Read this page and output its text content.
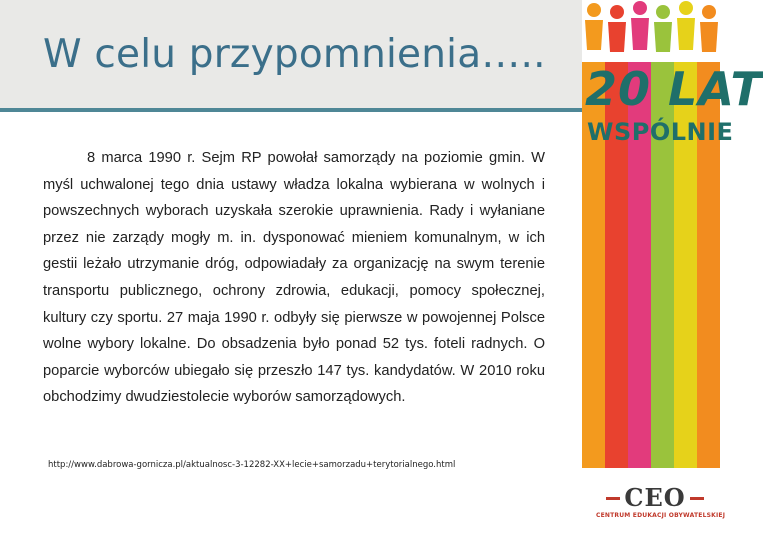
W celu przypomnienia…..
20 LAT
WSPÓLNIE

8 marca 1990 r. Sejm RP powołał samorządy na poziomie gmin. W myśl uchwalonej tego dnia ustawy władza lokalna wybierana w wolnych i powszechnych wyborach uzyskała szerokie uprawnienia. Rady i wyłaniane przez nie zarządy mogły m. in. dysponować mieniem komunalnym, w ich gestii leżało utrzymanie dróg, odpowiadały za organizację na swym terenie transportu publicznego, ochrony zdrowia, edukacji, pomocy społecznej, kultury czy sportu. 27 maja 1990 r. odbyły się pierwsze w powojennej Polsce wolne wybory lokalne. Do obsadzenia było ponad 52 tys. foteli radnych. O poparcie wyborców ubiegało się przeszło 147 tys. kandydatów. W 2010 roku obchodzimy dwudziestolecie wyborów samorządowych.

http://www.dabrowa-gornicza.pl/aktualnosc-3-12282-XX+lecie+samorzadu+terytorialnego.html
CEO
CENTRUM EDUKACJI OBYWATELSKIEJ
